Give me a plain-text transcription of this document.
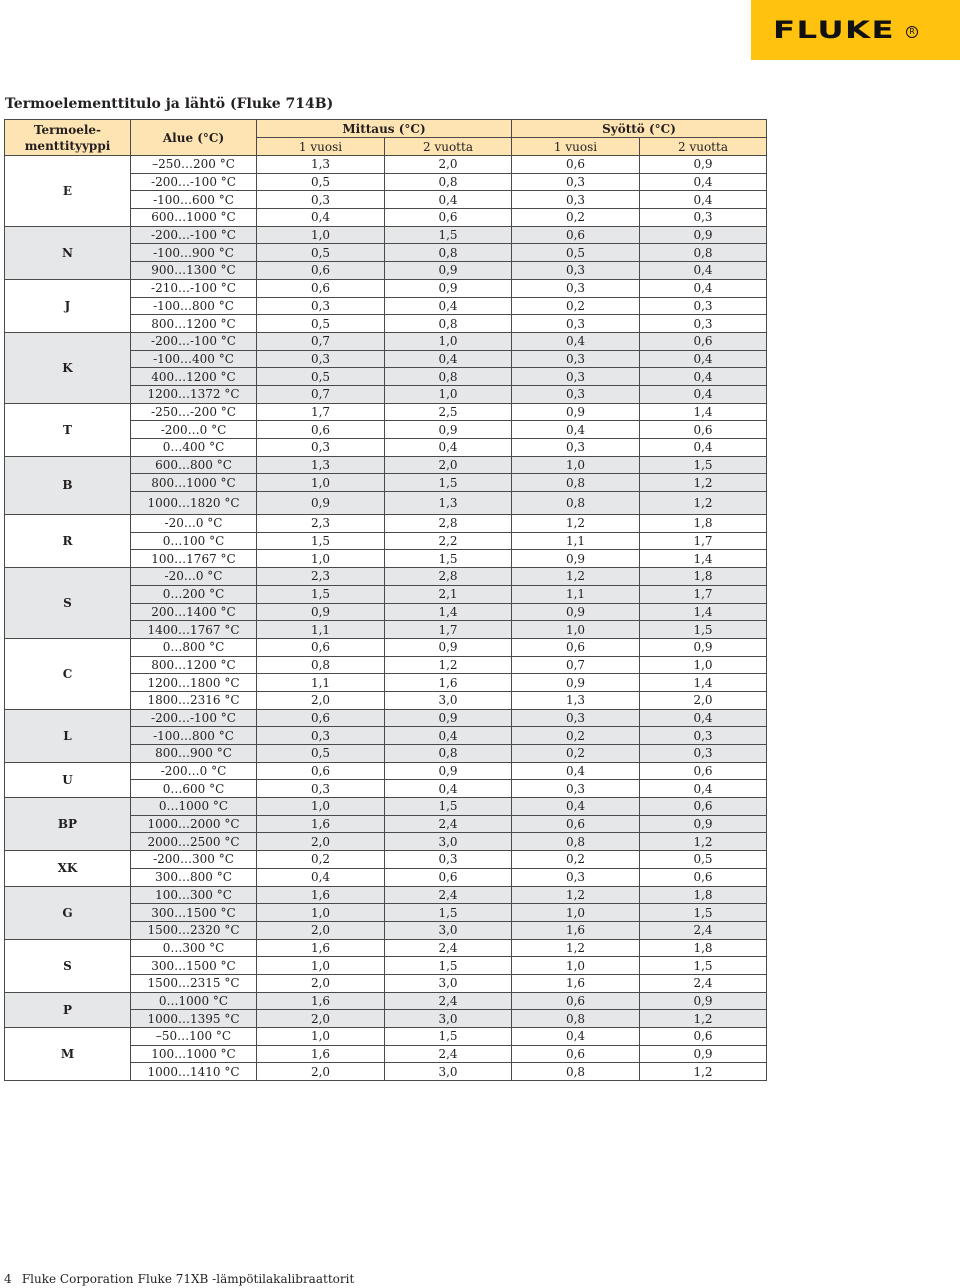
FLUKE	R
Termoelementtitulo ja lähtö (Fluke 714B)
Termoele- menttityyppi	Alue (°C)	Mittaus (°C)		Syöttö (°C)	
		1 vuosi	2 vuotta	1 vuosi	2 vuotta
E	–250…200 °C	1,3	2,0	0,6	0,9
	-200…-100 °C	0,5	0,8	0,3	0,4
	-100…600 °C	0,3	0,4	0,3	0,4
	600…1000 °C	0,4	0,6	0,2	0,3
N	-200…-100 °C	1,0	1,5	0,6	0,9
	-100…900 °C	0,5	0,8	0,5	0,8
	900…1300 °C	0,6	0,9	0,3	0,4
J	-210…-100 °C	0,6	0,9	0,3	0,4
	-100…800 °C	0,3	0,4	0,2	0,3
	800…1200 °C	0,5	0,8	0,3	0,3
K	-200…-100 °C	0,7	1,0	0,4	0,6
	-100…400 °C	0,3	0,4	0,3	0,4
	400…1200 °C	0,5	0,8	0,3	0,4
	1200…1372 °C	0,7	1,0	0,3	0,4
T	-250…-200 °C	1,7	2,5	0,9	1,4
	-200…0 °C	0,6	0,9	0,4	0,6
	0…400 °C	0,3	0,4	0,3	0,4
B	600…800 °C	1,3	2,0	1,0	1,5
	800…1000 °C	1,0	1,5	0,8	1,2
	1000…1820 °C	0,9	1,3	0,8	1,2
R	-20…0 °C	2,3	2,8	1,2	1,8
	0…100 °C	1,5	2,2	1,1	1,7
	100…1767 °C	1,0	1,5	0,9	1,4
S	-20…0 °C	2,3	2,8	1,2	1,8
	0…200 °C	1,5	2,1	1,1	1,7
	200…1400 °C	0,9	1,4	0,9	1,4
	1400…1767 °C	1,1	1,7	1,0	1,5
C	0…800 °C	0,6	0,9	0,6	0,9
	800…1200 °C	0,8	1,2	0,7	1,0
	1200…1800 °C	1,1	1,6	0,9	1,4
	1800…2316 °C	2,0	3,0	1,3	2,0
L	-200…-100 °C	0,6	0,9	0,3	0,4
	-100…800 °C	0,3	0,4	0,2	0,3
	800…900 °C	0,5	0,8	0,2	0,3
U	-200…0 °C	0,6	0,9	0,4	0,6
	0…600 °C	0,3	0,4	0,3	0,4
BP	0…1000 °C	1,0	1,5	0,4	0,6
	1000…2000 °C	1,6	2,4	0,6	0,9
	2000…2500 °C	2,0	3,0	0,8	1,2
XK	-200…300 °C	0,2	0,3	0,2	0,5
	300…800 °C	0,4	0,6	0,3	0,6
G	100…300 °C	1,6	2,4	1,2	1,8
	300…1500 °C	1,0	1,5	1,0	1,5
	1500…2320 °C	2,0	3,0	1,6	2,4
S	0…300 °C	1,6	2,4	1,2	1,8
	300…1500 °C	1,0	1,5	1,0	1,5
	1500…2315 °C	2,0	3,0	1,6	2,4
P	0…1000 °C	1,6	2,4	0,6	0,9
	1000…1395 °C	2,0	3,0	0,8	1,2
M	–50…100 °C	1,0	1,5	0,4	0,6
	100…1000 °C	1,6	2,4	0,6	0,9
	1000…1410 °C	2,0	3,0	0,8	1,2
4 Fluke Corporation Fluke 71XB -lämpötilakalibraattorit
